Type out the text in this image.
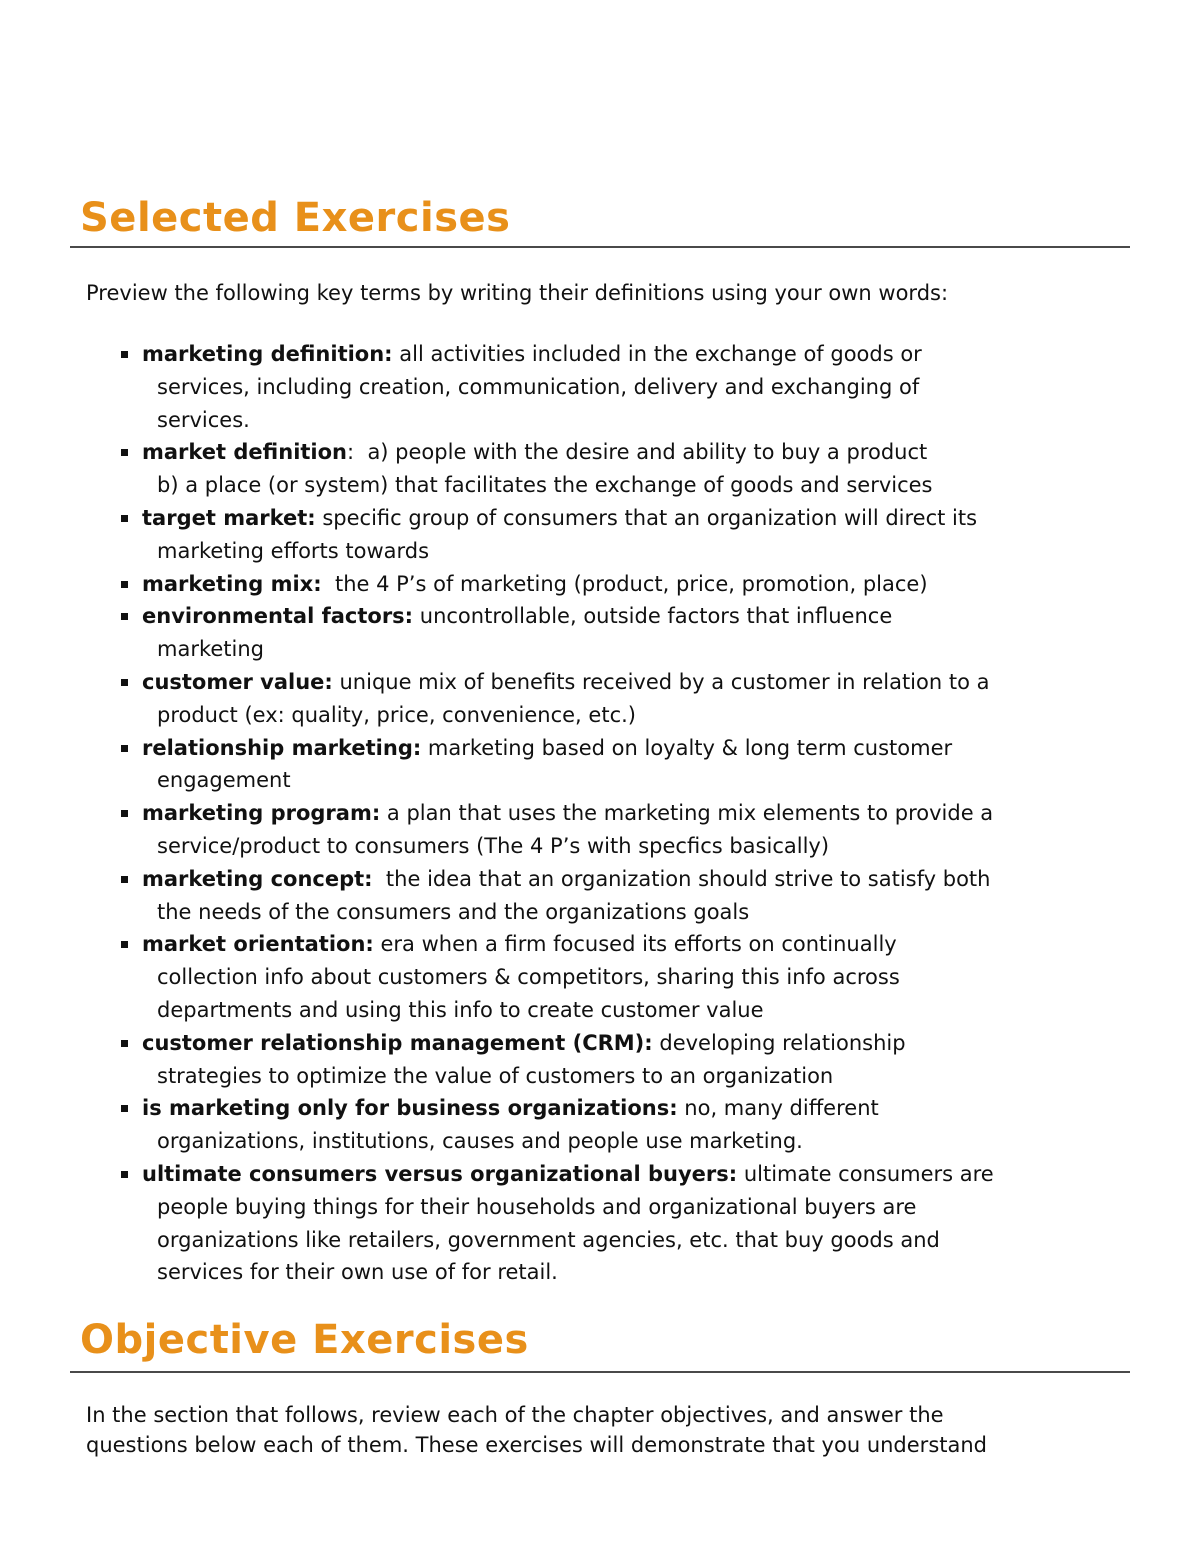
Selected Exercises

Preview the following key terms by writing their definitions using your own words:

marketing definition: all activities included in the exchange of goods or
services, including creation, communication, delivery and exchanging of
services.
market definition:  a) people with the desire and ability to buy a product
b) a place (or system) that facilitates the exchange of goods and services
target market: specific group of consumers that an organization will direct its
marketing efforts towards
marketing mix:  the 4 P’s of marketing (product, price, promotion, place)
environmental factors: uncontrollable, outside factors that influence
marketing
customer value: unique mix of benefits received by a customer in relation to a
product (ex: quality, price, convenience, etc.)
relationship marketing: marketing based on loyalty & long term customer
engagement
marketing program: a plan that uses the marketing mix elements to provide a
service/product to consumers (The 4 P’s with specfics basically)
marketing concept:  the idea that an organization should strive to satisfy both
the needs of the consumers and the organizations goals
market orientation: era when a firm focused its efforts on continually
collection info about customers & competitors, sharing this info across
departments and using this info to create customer value
customer relationship management (CRM): developing relationship
strategies to optimize the value of customers to an organization
is marketing only for business organizations: no, many different
organizations, institutions, causes and people use marketing.
ultimate consumers versus organizational buyers: ultimate consumers are
people buying things for their households and organizational buyers are
organizations like retailers, government agencies, etc. that buy goods and
services for their own use of for retail.
Objective Exercises

In the section that follows, review each of the chapter objectives, and answer the

questions below each of them. These exercises will demonstrate that you understand
